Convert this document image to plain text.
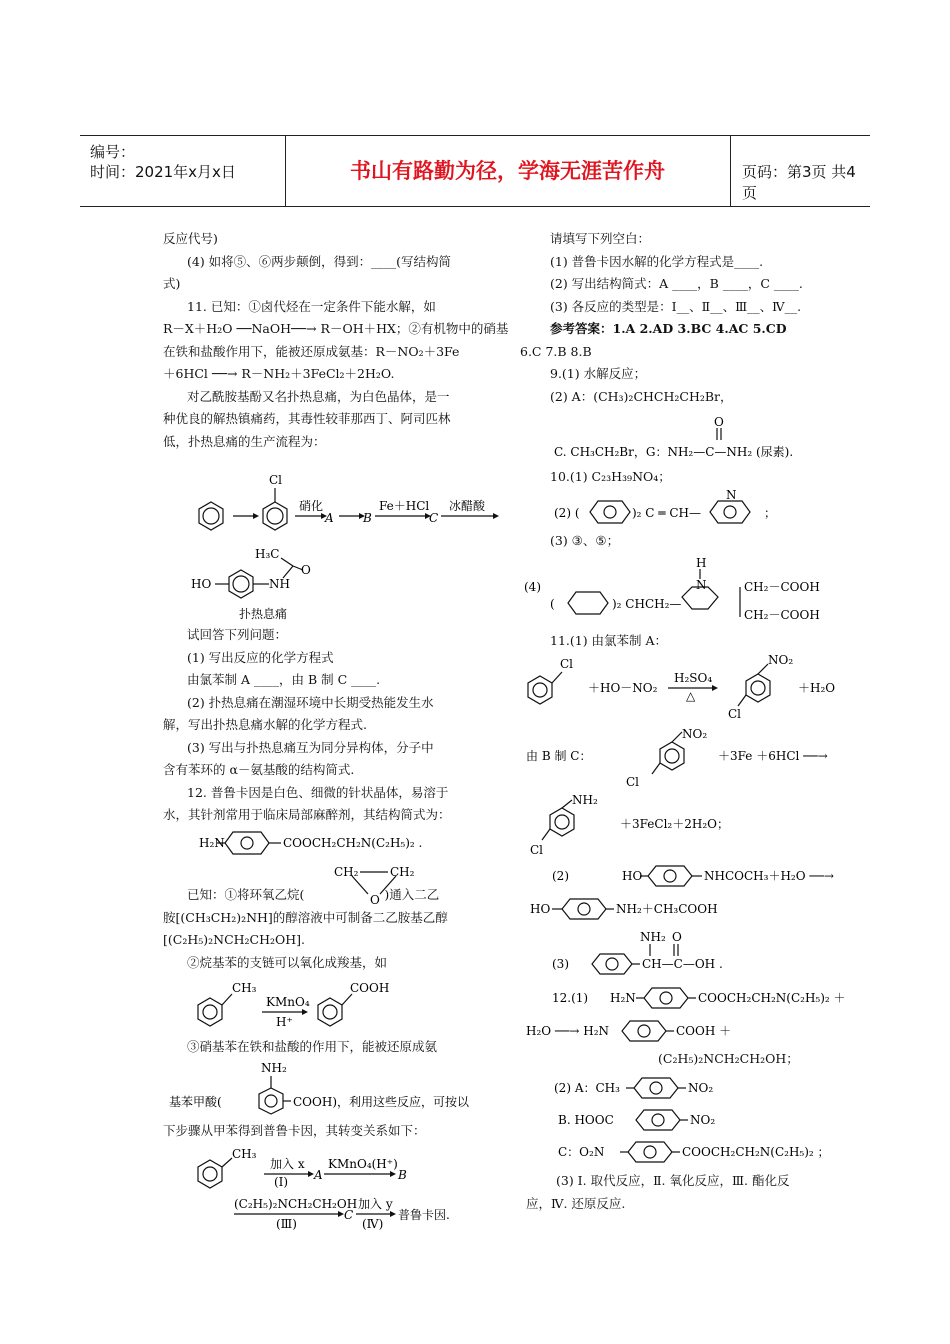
编号：
时间：2021年x月x日	书山有路勤为径，学海无涯苦作舟	页码：第3页 共4页

反应代号)

(4) 如将⑤、⑥两步颠倒，得到：____(写结构简

式)

11. 已知：①卤代烃在一定条件下能水解，如

R－X＋H₂O ──NaOH──→ R－OH＋HX；②有机物中的硝基

在铁和盐酸作用下，能被还原成氨基：R－NO₂＋3Fe

＋6HCl ──→ R－NH₂＋3FeCl₂＋2H₂O.

对乙酰胺基酚又名扑热息痛，为白色晶体，是一

种优良的解热镇痛药，其毒性较菲那西丁、阿司匹林

低，扑热息痛的生产流程为：

Cl
硝化
A B
Fe＋HCl
C
冰醋酸
H₃C
O
HO	NH
扑热息痛

试回答下列问题：

(1) 写出反应的化学方程式

由氯苯制 A ____，由 B 制 C ____.

(2) 扑热息痛在潮湿环境中长期受热能发生水

解，写出扑热息痛水解的化学方程式.

(3) 写出与扑热息痛互为同分异构体，分子中

含有苯环的 α－氨基酸的结构简式.

12. 普鲁卡因是白色、细微的针状晶体，易溶于

水，其针剂常用于临床局部麻醉剂，其结构简式为：

H₂N	COOCH₂CH₂N(C₂H₅)₂ .
CH₂	CH₂
O

已知：①将环氧乙烷(	)通入二乙

胺[(CH₃CH₂)₂NH]的醇溶液中可制备二乙胺基乙醇

[(C₂H₅)₂NCH₂CH₂OH].

②烷基苯的支链可以氧化成羧基，如

CH₃
KMnO₄
H⁺
COOH

③硝基苯在铁和盐酸的作用下，能被还原成氨

NH₂
基苯甲酸(	COOH)，利用这些反应，可按以

下步骤从甲苯得到普鲁卡因，其转变关系如下：

CH₃
加入 x
(Ⅰ) A
KMnO₄(H⁺)
B
(C₂H₅)₂NCH₂CH₂OH
(Ⅲ)
C
加入 y
(Ⅳ)
普鲁卡因.

请填写下列空白：

(1) 普鲁卡因水解的化学方程式是____.

(2) 写出结构简式：A ____，B ____，C ____.

(3) 各反应的类型是：Ⅰ__、Ⅱ__、Ⅲ__、Ⅳ__.

参考答案：1.A 2.AD 3.BC 4.AC 5.CD

6.C 7.B 8.B

9.(1) 水解反应；

(2) A：(CH₃)₂CHCH₂CH₂Br，

O
C. CH₃CH₂Br，G：NH₂—C—NH₂ (尿素).

10.(1) C₂₃H₃₉NO₄；

(2) (	)₂ C ═ CH—
N
；

(3) ③、⑤；

(4)
(	)₂ CHCH₂—
H
N	CH₂－COOH
CH₂－COOH

11.(1) 由氯苯制 A：

Cl
＋HO－NO₂
H₂SO₄
△
NO₂
Cl
＋H₂O
由 B 制 C：
NO₂
Cl
＋3Fe ＋6HCl ──→
NH₂
Cl
＋3FeCl₂＋2H₂O；
(2)	HO	NHCOCH₃＋H₂O ──→
HO	NH₂＋CH₃COOH
(3)
NH₂ O
CH—C—OH .
12.(1) H₂N	COOCH₂CH₂N(C₂H₅)₂ ＋
H₂O ──→ H₂N	COOH ＋

(C₂H₅)₂NCH₂CH₂OH；

(2) A：CH₃	NO₂
B. HOOC	NO₂
C：O₂N	COOCH₂CH₂N(C₂H₅)₂ ；

(3) Ⅰ. 取代反应，Ⅱ. 氧化反应，Ⅲ. 酯化反

应，Ⅳ. 还原反应.
